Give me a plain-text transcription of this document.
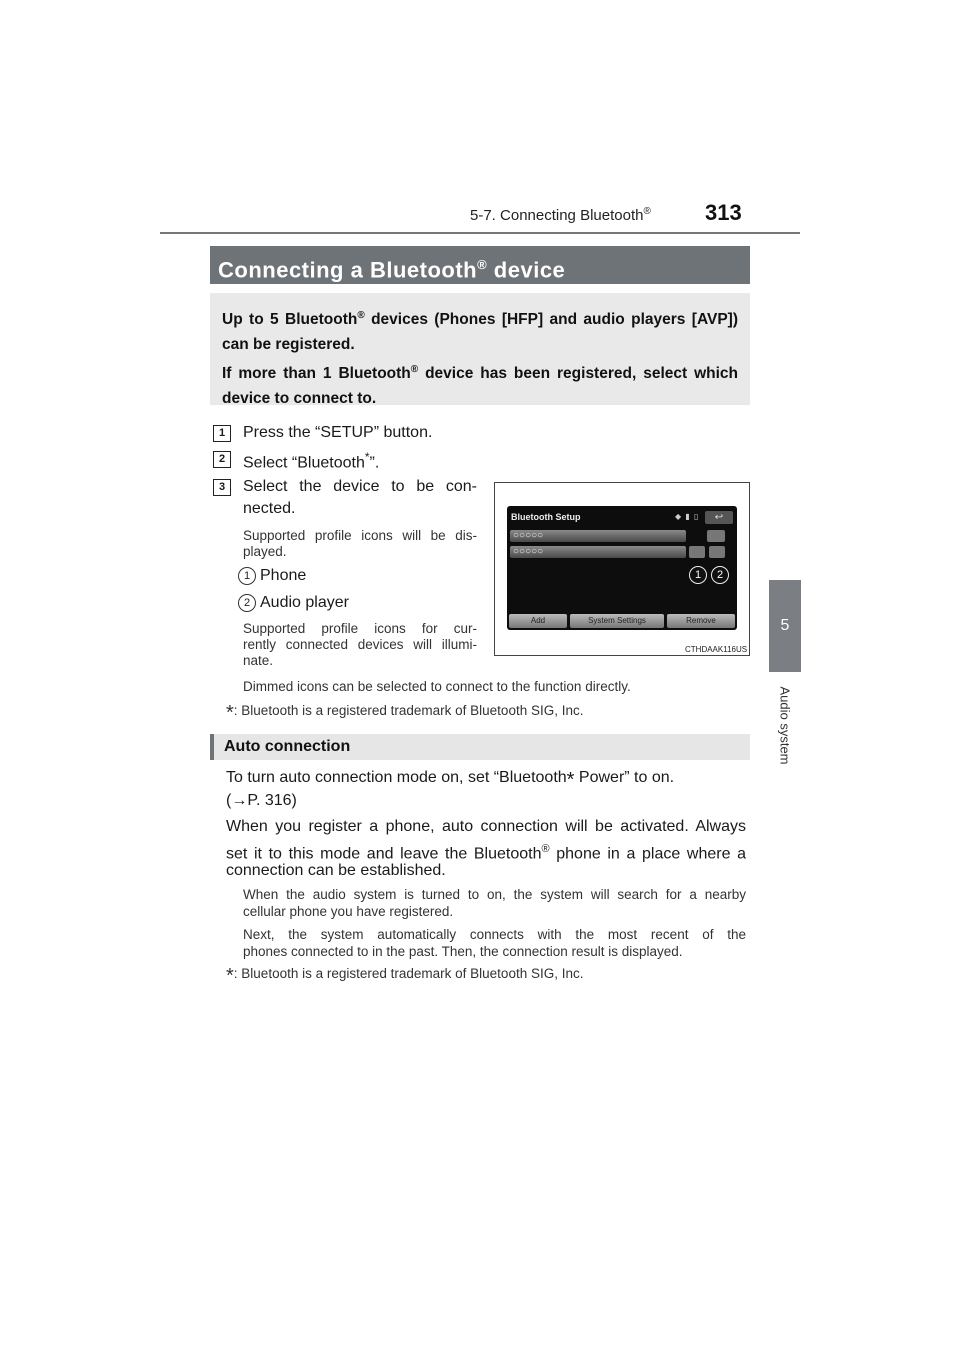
5-7. Connecting Bluetooth® 313
5
Audio system
Connecting a Bluetooth® device

Up to 5 Bluetooth® devices (Phones [HFP] and audio players [AVP]) can be registered.

If more than 1 Bluetooth® device has been registered, select which device to connect to.

1	Press the “SETUP” button.
2	Select “Bluetooth*”.
3	Select the device to be con-
nected.
Supported profile icons will be dis-
played.
1 Phone
2 Audio player
Supported profile icons for cur-
rently connected devices will illumi-
nate.
Dimmed icons can be selected to connect to the function directly.
Bluetooth Setup	◆ ▮ ▯	↩
○○○○○
○○○○○
1	2
Add	System Settings	Remove
CTHDAAK116US
*: Bluetooth is a registered trademark of Bluetooth SIG, Inc.
Auto connection
To turn auto connection mode on, set “Bluetooth* Power” to on.
(→P. 316)
When you register a phone, auto connection will be activated. Always
set it to this mode and leave the Bluetooth® phone in a place where a
connection can be established.
When the audio system is turned to on, the system will search for a nearby
cellular phone you have registered.
Next, the system automatically connects with the most recent of the
phones connected to in the past. Then, the connection result is displayed.
*: Bluetooth is a registered trademark of Bluetooth SIG, Inc.
